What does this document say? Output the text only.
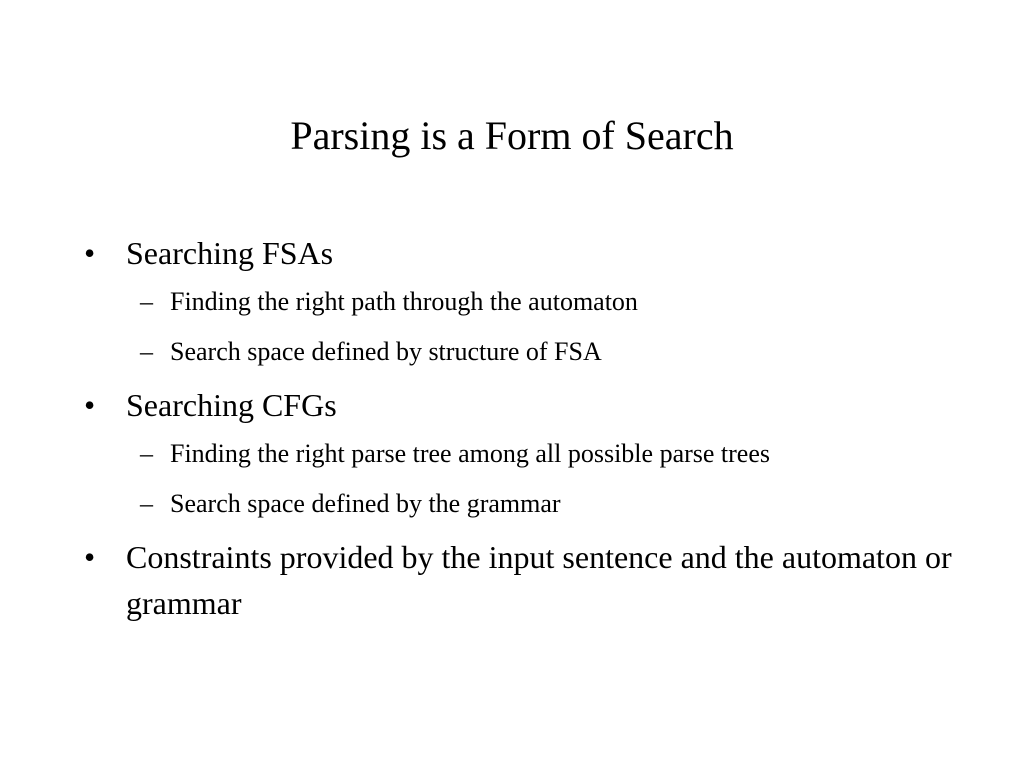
Parsing is a Form of Search
• Searching FSAs
– Finding the right path through the automaton
– Search space defined by structure of FSA
• Searching CFGs
– Finding the right parse tree among all possible parse trees
– Search space defined by the grammar
• Constraints provided by the input sentence and the automaton or grammar
